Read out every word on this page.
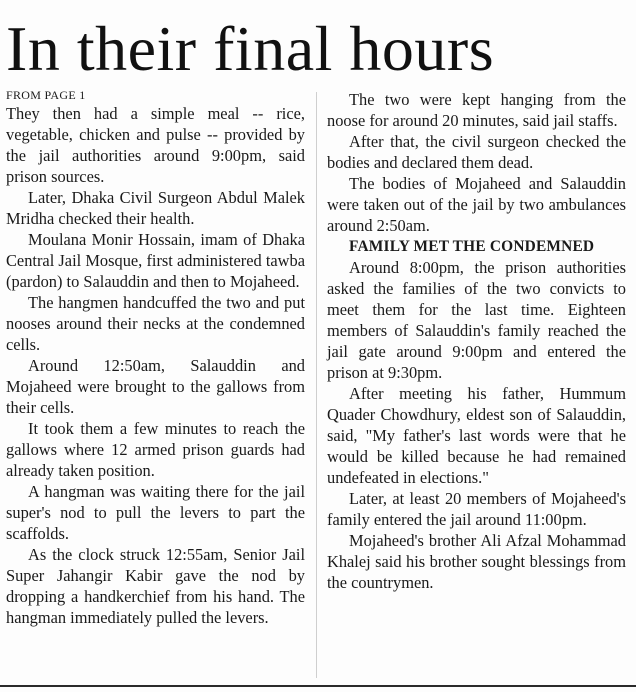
In their final hours
FROM PAGE 1

They then had a simple meal -- rice, vegetable, chicken and pulse -- provided by the jail authorities around 9:00pm, said prison sources.

Later, Dhaka Civil Surgeon Abdul Malek Mridha checked their health.

Moulana Monir Hossain, imam of Dhaka Central Jail Mosque, first administered tawba (pardon) to Salauddin and then to Mojaheed.

The hangmen handcuffed the two and put nooses around their necks at the condemned cells.

Around 12:50am, Salauddin and Mojaheed were brought to the gallows from their cells.

It took them a few minutes to reach the gallows where 12 armed prison guards had already taken position.

A hangman was waiting there for the jail super's nod to pull the levers to part the scaffolds.

As the clock struck 12:55am, Senior Jail Super Jahangir Kabir gave the nod by dropping a handkerchief from his hand. The hangman immediately pulled the levers.

The two were kept hanging from the noose for around 20 minutes, said jail staffs.

After that, the civil surgeon checked the bodies and declared them dead.

The bodies of Mojaheed and Salauddin were taken out of the jail by two ambulances around 2:50am.

FAMILY MET THE CONDEMNED

Around 8:00pm, the prison authorities asked the families of the two convicts to meet them for the last time. Eighteen members of Salauddin's family reached the jail gate around 9:00pm and entered the prison at 9:30pm.

After meeting his father, Hummum Quader Chowdhury, eldest son of Salauddin, said, "My father's last words were that he would be killed because he had remained undefeated in elections."

Later, at least 20 members of Mojaheed's family entered the jail around 11:00pm.

Mojaheed's brother Ali Afzal Mohammad Khalej said his brother sought blessings from the countrymen.
